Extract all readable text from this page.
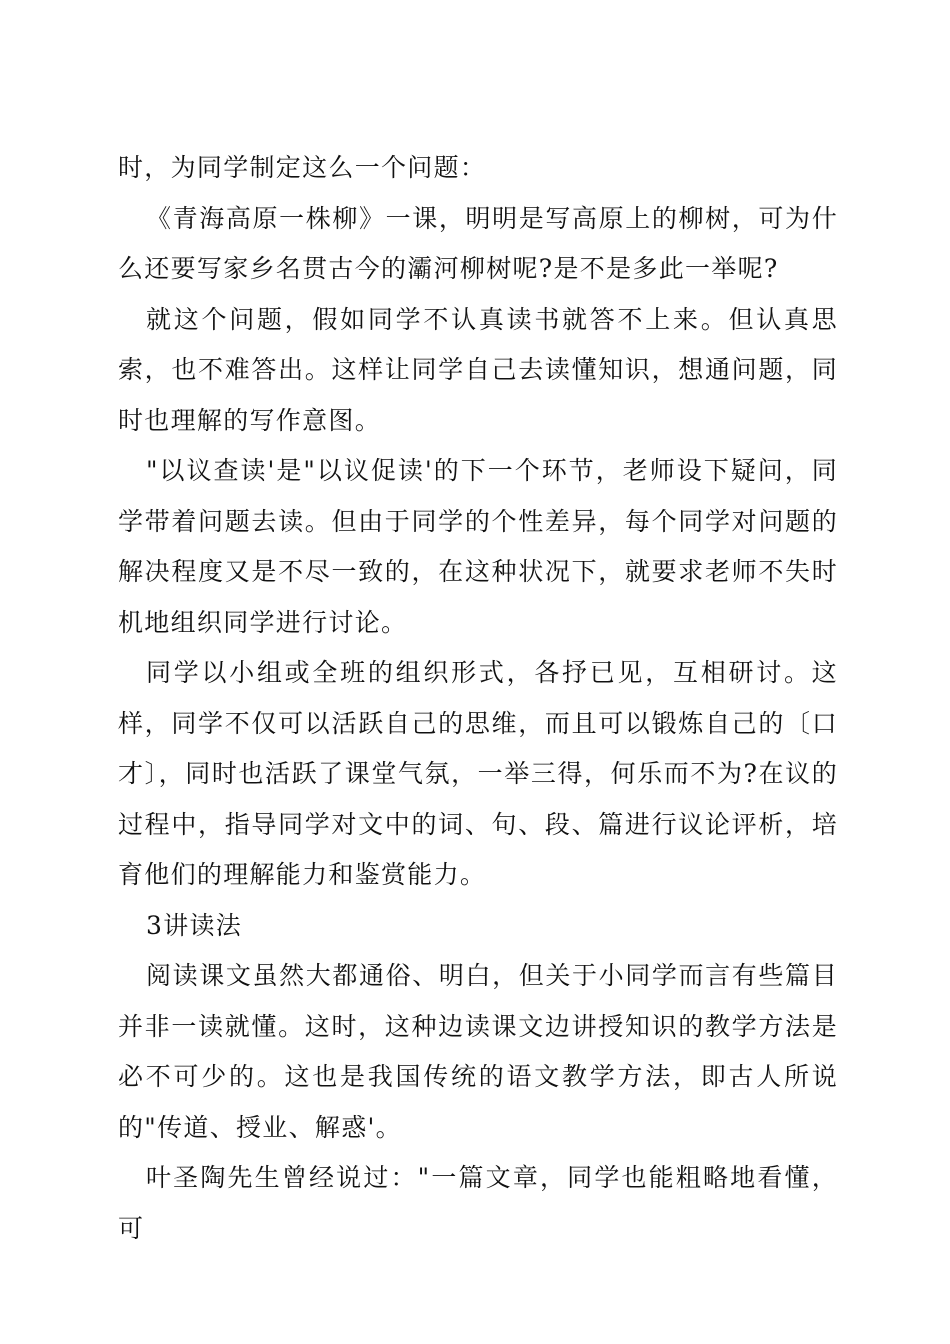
时，为同学制定这么一个问题：

《青海高原一株柳》一课，明明是写高原上的柳树，可为什么还要写家乡名贯古今的灞河柳树呢?是不是多此一举呢?

就这个问题，假如同学不认真读书就答不上来。但认真思索，也不难答出。这样让同学自己去读懂知识，想通问题，同时也理解的写作意图。

"以议查读'是"以议促读'的下一个环节，老师设下疑问，同学带着问题去读。但由于同学的个性差异，每个同学对问题的解决程度又是不尽一致的，在这种状况下，就要求老师不失时机地组织同学进行讨论。

同学以小组或全班的组织形式，各抒已见，互相研讨。这样，同学不仅可以活跃自己的思维，而且可以锻炼自己的〔口才〕，同时也活跃了课堂气氛，一举三得，何乐而不为?在议的过程中，指导同学对文中的词、句、段、篇进行议论评析，培育他们的理解能力和鉴赏能力。

3讲读法

阅读课文虽然大都通俗、明白，但关于小同学而言有些篇目并非一读就懂。这时，这种边读课文边讲授知识的教学方法是必不可少的。这也是我国传统的语文教学方法，即古人所说的"传道、授业、解惑'。

叶圣陶先生曾经说过："一篇文章，同学也能粗略地看懂，可
